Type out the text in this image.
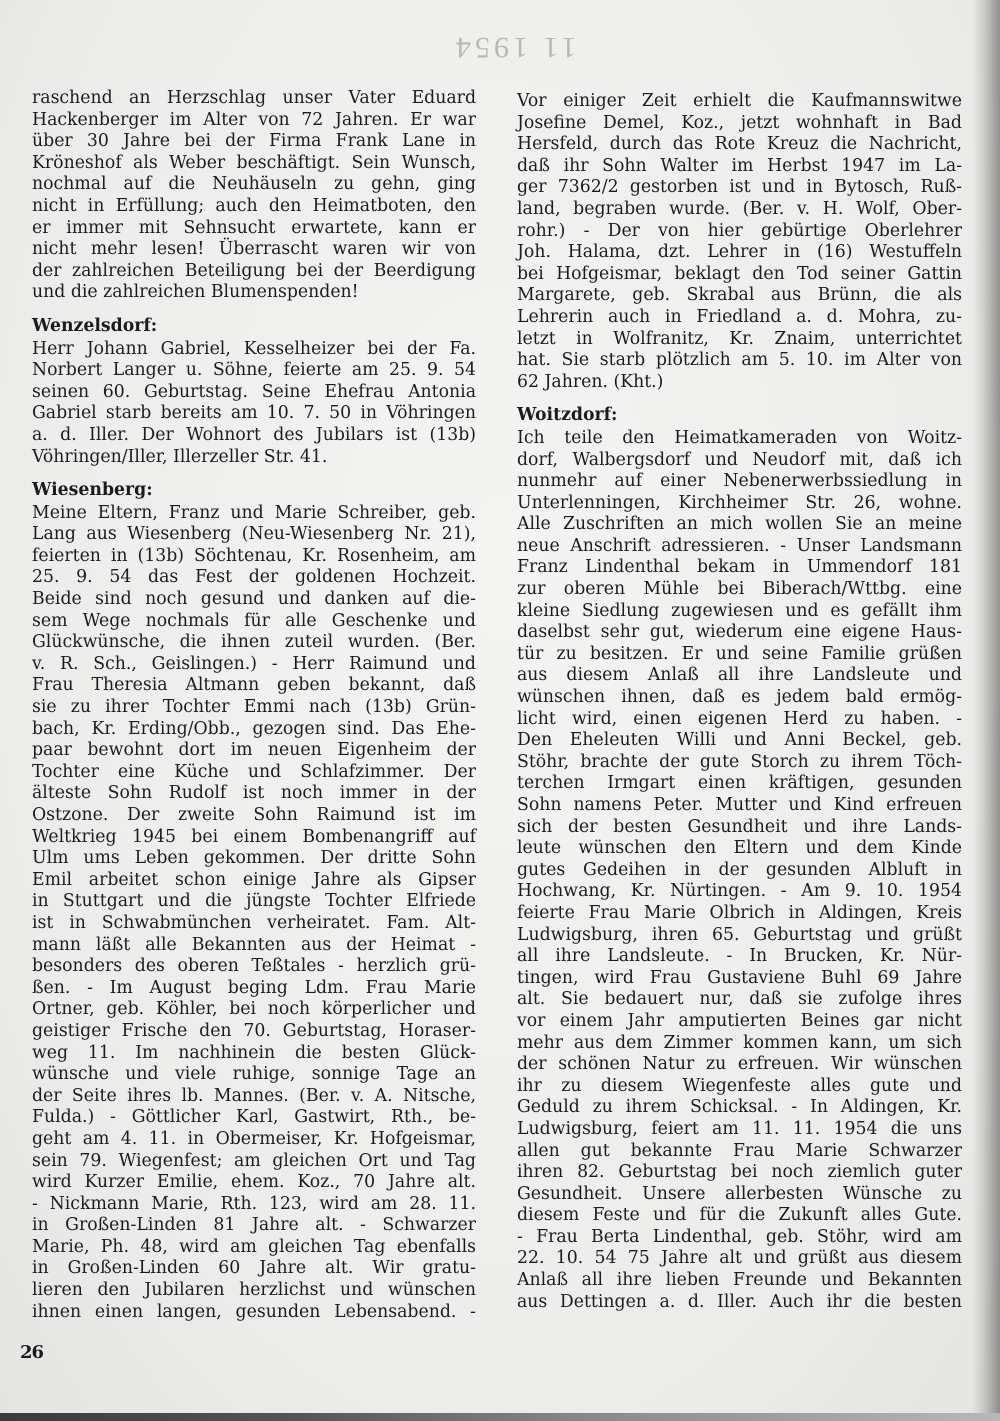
11 1954
raschend an Herzschlag unser Vater Eduard
Hackenberger im Alter von 72 Jahren. Er war
über 30 Jahre bei der Firma Frank Lane in
Kröneshof als Weber beschäftigt. Sein Wunsch,
nochmal auf die Neuhäuseln zu gehn, ging
nicht in Erfüllung; auch den Heimatboten, den
er immer mit Sehnsucht erwartete, kann er
nicht mehr lesen! Überrascht waren wir von
der zahlreichen Beteiligung bei der Beerdigung
und die zahlreichen Blumenspenden!
Wenzelsdorf:
Herr Johann Gabriel, Kesselheizer bei der Fa.
Norbert Langer u. Söhne, feierte am 25. 9. 54
seinen 60. Geburtstag. Seine Ehefrau Antonia
Gabriel starb bereits am 10. 7. 50 in Vöhringen
a. d. Iller. Der Wohnort des Jubilars ist (13b)
Vöhringen/Iller, Illerzeller Str. 41.
Wiesenberg:
Meine Eltern, Franz und Marie Schreiber, geb.
Lang aus Wiesenberg (Neu-Wiesenberg Nr. 21),
feierten in (13b) Söchtenau, Kr. Rosenheim, am
25. 9. 54 das Fest der goldenen Hochzeit.
Beide sind noch gesund und danken auf die-
sem Wege nochmals für alle Geschenke und
Glückwünsche, die ihnen zuteil wurden. (Ber.
v. R. Sch., Geislingen.) - Herr Raimund und
Frau Theresia Altmann geben bekannt, daß
sie zu ihrer Tochter Emmi nach (13b) Grün-
bach, Kr. Erding/Obb., gezogen sind. Das Ehe-
paar bewohnt dort im neuen Eigenheim der
Tochter eine Küche und Schlafzimmer. Der
älteste Sohn Rudolf ist noch immer in der
Ostzone. Der zweite Sohn Raimund ist im
Weltkrieg 1945 bei einem Bombenangriff auf
Ulm ums Leben gekommen. Der dritte Sohn
Emil arbeitet schon einige Jahre als Gipser
in Stuttgart und die jüngste Tochter Elfriede
ist in Schwabmünchen verheiratet. Fam. Alt-
mann läßt alle Bekannten aus der Heimat -
besonders des oberen Teßtales - herzlich grü-
ßen. - Im August beging Ldm. Frau Marie
Ortner, geb. Köhler, bei noch körperlicher und
geistiger Frische den 70. Geburtstag, Horaser-
weg 11. Im nachhinein die besten Glück-
wünsche und viele ruhige, sonnige Tage an
der Seite ihres lb. Mannes. (Ber. v. A. Nitsche,
Fulda.) - Göttlicher Karl, Gastwirt, Rth., be-
geht am 4. 11. in Obermeiser, Kr. Hofgeismar,
sein 79. Wiegenfest; am gleichen Ort und Tag
wird Kurzer Emilie, ehem. Koz., 70 Jahre alt.
- Nickmann Marie, Rth. 123, wird am 28. 11.
in Großen-Linden 81 Jahre alt. - Schwarzer
Marie, Ph. 48, wird am gleichen Tag ebenfalls
in Großen-Linden 60 Jahre alt. Wir gratu-
lieren den Jubilaren herzlichst und wünschen
ihnen einen langen, gesunden Lebensabend. -
Vor einiger Zeit erhielt die Kaufmannswitwe
Josefine Demel, Koz., jetzt wohnhaft in Bad
Hersfeld, durch das Rote Kreuz die Nachricht,
daß ihr Sohn Walter im Herbst 1947 im La-
ger 7362/2 gestorben ist und in Bytosch, Ruß-
land, begraben wurde. (Ber. v. H. Wolf, Ober-
rohr.) - Der von hier gebürtige Oberlehrer
Joh. Halama, dzt. Lehrer in (16) Westuffeln
bei Hofgeismar, beklagt den Tod seiner Gattin
Margarete, geb. Skrabal aus Brünn, die als
Lehrerin auch in Friedland a. d. Mohra, zu-
letzt in Wolfranitz, Kr. Znaim, unterrichtet
hat. Sie starb plötzlich am 5. 10. im Alter von
62 Jahren. (Kht.)
Woitzdorf:
Ich teile den Heimatkameraden von Woitz-
dorf, Walbergsdorf und Neudorf mit, daß ich
nunmehr auf einer Nebenerwerbssiedlung in
Unterlenningen, Kirchheimer Str. 26, wohne.
Alle Zuschriften an mich wollen Sie an meine
neue Anschrift adressieren. - Unser Landsmann
Franz Lindenthal bekam in Ummendorf 181
zur oberen Mühle bei Biberach/Wttbg. eine
kleine Siedlung zugewiesen und es gefällt ihm
daselbst sehr gut, wiederum eine eigene Haus-
tür zu besitzen. Er und seine Familie grüßen
aus diesem Anlaß all ihre Landsleute und
wünschen ihnen, daß es jedem bald ermög-
licht wird, einen eigenen Herd zu haben. -
Den Eheleuten Willi und Anni Beckel, geb.
Stöhr, brachte der gute Storch zu ihrem Töch-
terchen Irmgart einen kräftigen, gesunden
Sohn namens Peter. Mutter und Kind erfreuen
sich der besten Gesundheit und ihre Lands-
leute wünschen den Eltern und dem Kinde
gutes Gedeihen in der gesunden Albluft in
Hochwang, Kr. Nürtingen. - Am 9. 10. 1954
feierte Frau Marie Olbrich in Aldingen, Kreis
Ludwigsburg, ihren 65. Geburtstag und grüßt
all ihre Landsleute. - In Brucken, Kr. Nür-
tingen, wird Frau Gustaviene Buhl 69 Jahre
alt. Sie bedauert nur, daß sie zufolge ihres
vor einem Jahr amputierten Beines gar nicht
mehr aus dem Zimmer kommen kann, um sich
der schönen Natur zu erfreuen. Wir wünschen
ihr zu diesem Wiegenfeste alles gute und
Geduld zu ihrem Schicksal. - In Aldingen, Kr.
Ludwigsburg, feiert am 11. 11. 1954 die uns
allen gut bekannte Frau Marie Schwarzer
ihren 82. Geburtstag bei noch ziemlich guter
Gesundheit. Unsere allerbesten Wünsche zu
diesem Feste und für die Zukunft alles Gute.
- Frau Berta Lindenthal, geb. Stöhr, wird am
22. 10. 54 75 Jahre alt und grüßt aus diesem
Anlaß all ihre lieben Freunde und Bekannten
aus Dettingen a. d. Iller. Auch ihr die besten
26
